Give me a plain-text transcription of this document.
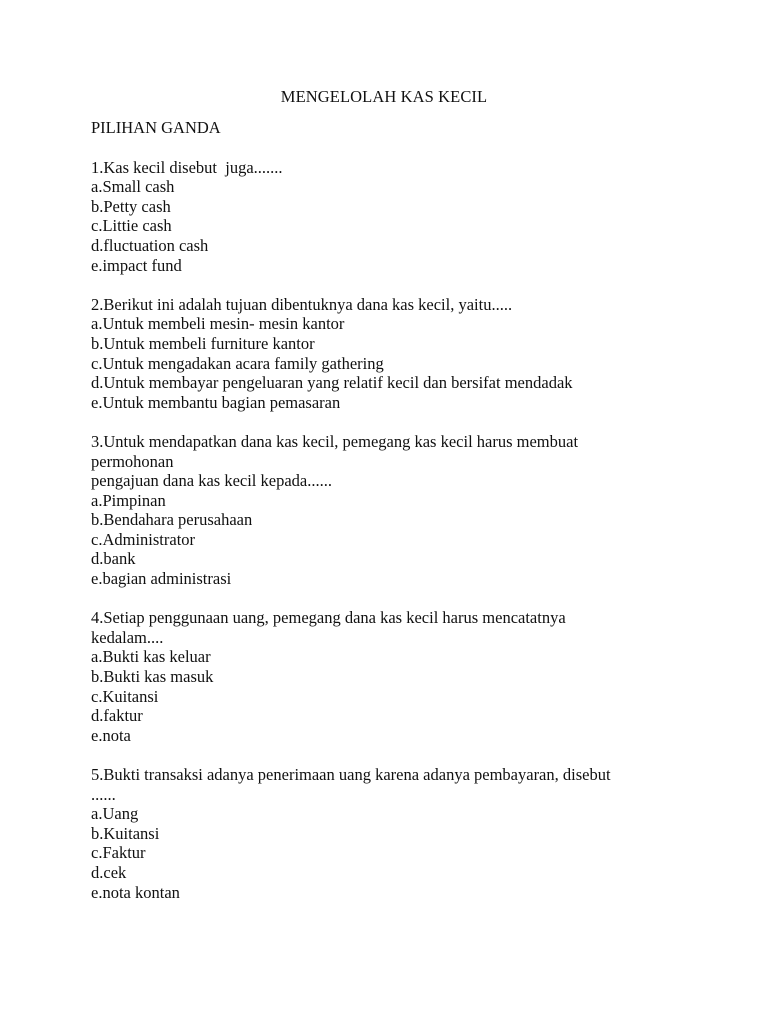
MENGELOLAH KAS KECIL
PILIHAN GANDA
1.Kas kecil disebut  juga.......
a.Small cash
b.Petty cash
c.Littie cash
d.fluctuation cash
e.impact fund
2.Berikut ini adalah tujuan dibentuknya dana kas kecil, yaitu.....
a.Untuk membeli mesin- mesin kantor
b.Untuk membeli furniture kantor
c.Untuk mengadakan acara family gathering
d.Untuk membayar pengeluaran yang relatif kecil dan bersifat mendadak
e.Untuk membantu bagian pemasaran
3.Untuk mendapatkan dana kas kecil, pemegang kas kecil harus membuat
permohonan
pengajuan dana kas kecil kepada......
a.Pimpinan
b.Bendahara perusahaan
c.Administrator
d.bank
e.bagian administrasi
4.Setiap penggunaan uang, pemegang dana kas kecil harus mencatatnya
kedalam....
a.Bukti kas keluar
b.Bukti kas masuk
c.Kuitansi
d.faktur
e.nota
5.Bukti transaksi adanya penerimaan uang karena adanya pembayaran, disebut
......
a.Uang
b.Kuitansi
c.Faktur
d.cek
e.nota kontan
